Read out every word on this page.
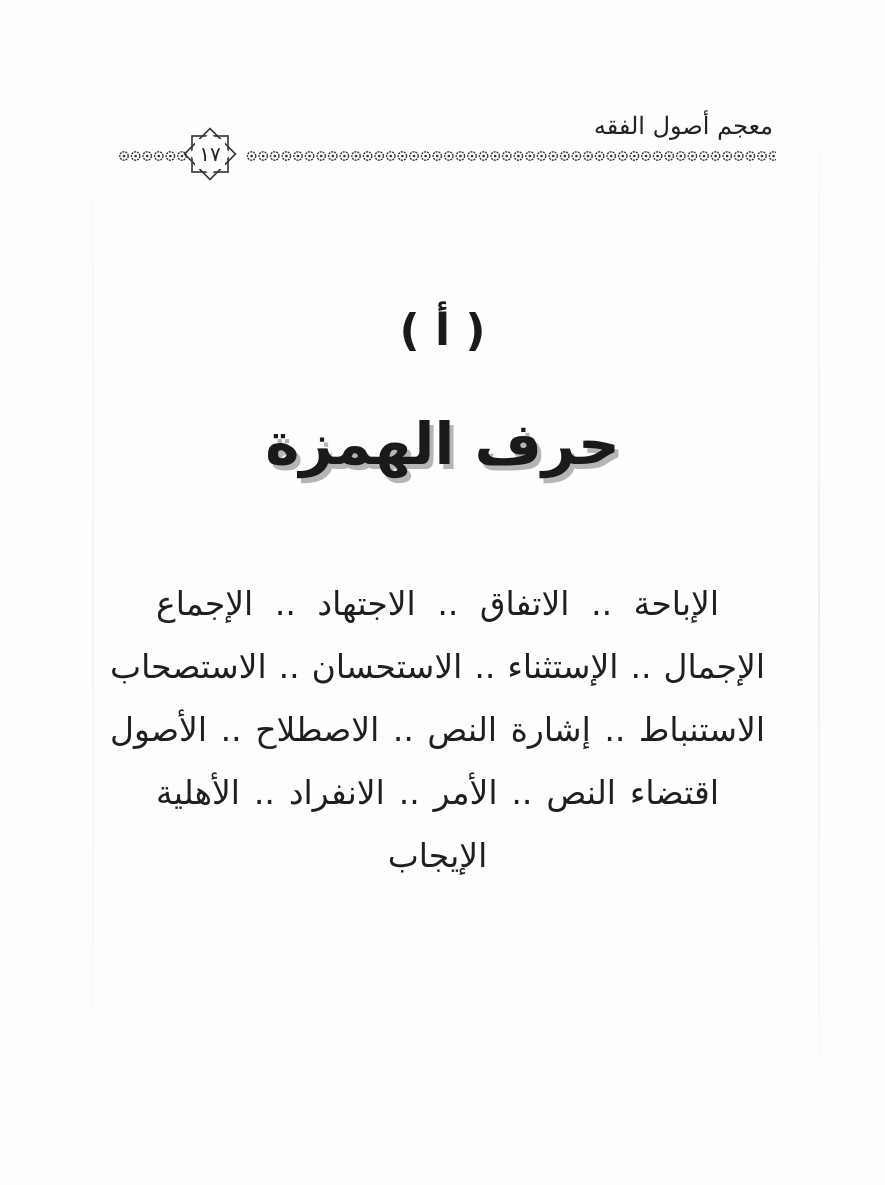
معجم أصول الفقه
١٧
( أ )
حرف الهمزة
الإباحة .. الاتفاق .. الاجتهاد .. الإجماع
الإجمال .. الإستثناء .. الاستحسان .. الاستصحاب
الاستنباط .. إشارة النص .. الاصطلاح .. الأصول
اقتضاء النص .. الأمر .. الانفراد .. الأهلية
الإيجاب
